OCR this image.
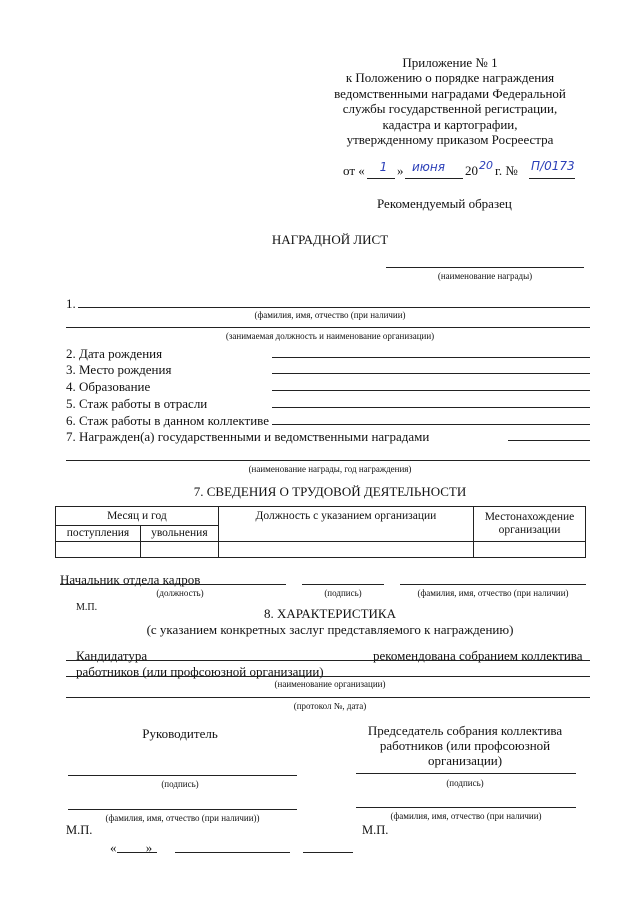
Приложение № 1
к Положению о порядке награждения
ведомственными наградами Федеральной
службы государственной регистрации,
кадастра и картографии,
утвержденному приказом Росреестра
от «	1 » июня 20 20 г. № П/0173
Рекомендуемый образец
НАГРАДНОЙ ЛИСТ
(наименование награды)
1.
(фамилия, имя, отчество (при наличии)
(занимаемая должность и наименование организации)
2. Дата рождения
3. Место рождения
4. Образование
5. Стаж работы в отрасли
6. Стаж работы в данном коллективе
7. Награжден(а) государственными и ведомственными наградами
(наименование награды, год награждения)
7. СВЕДЕНИЯ О ТРУДОВОЙ ДЕЯТЕЛЬНОСТИ
Месяц и год		Должность с указанием организации	Местонахождение организации
поступления	увольнения		

Начальник отдела кадров
(должность)	(подпись)	(фамилия, имя, отчество (при наличии)
М.П.	8. ХАРАКТЕРИСТИКА
(с указанием конкретных заслуг представляемого к награждению)
Кандидатура	рекомендована собранием коллектива
работников (или профсоюзной организации)
(наименование организации)
(протокол №, дата)
Руководитель	Председатель собрания коллектива
работников (или профсоюзной
организации)
(подпись)	(подпись)
(фамилия, имя, отчество (при наличии))	(фамилия, имя, отчество (при наличии)
М.П.	М.П.
«         »
